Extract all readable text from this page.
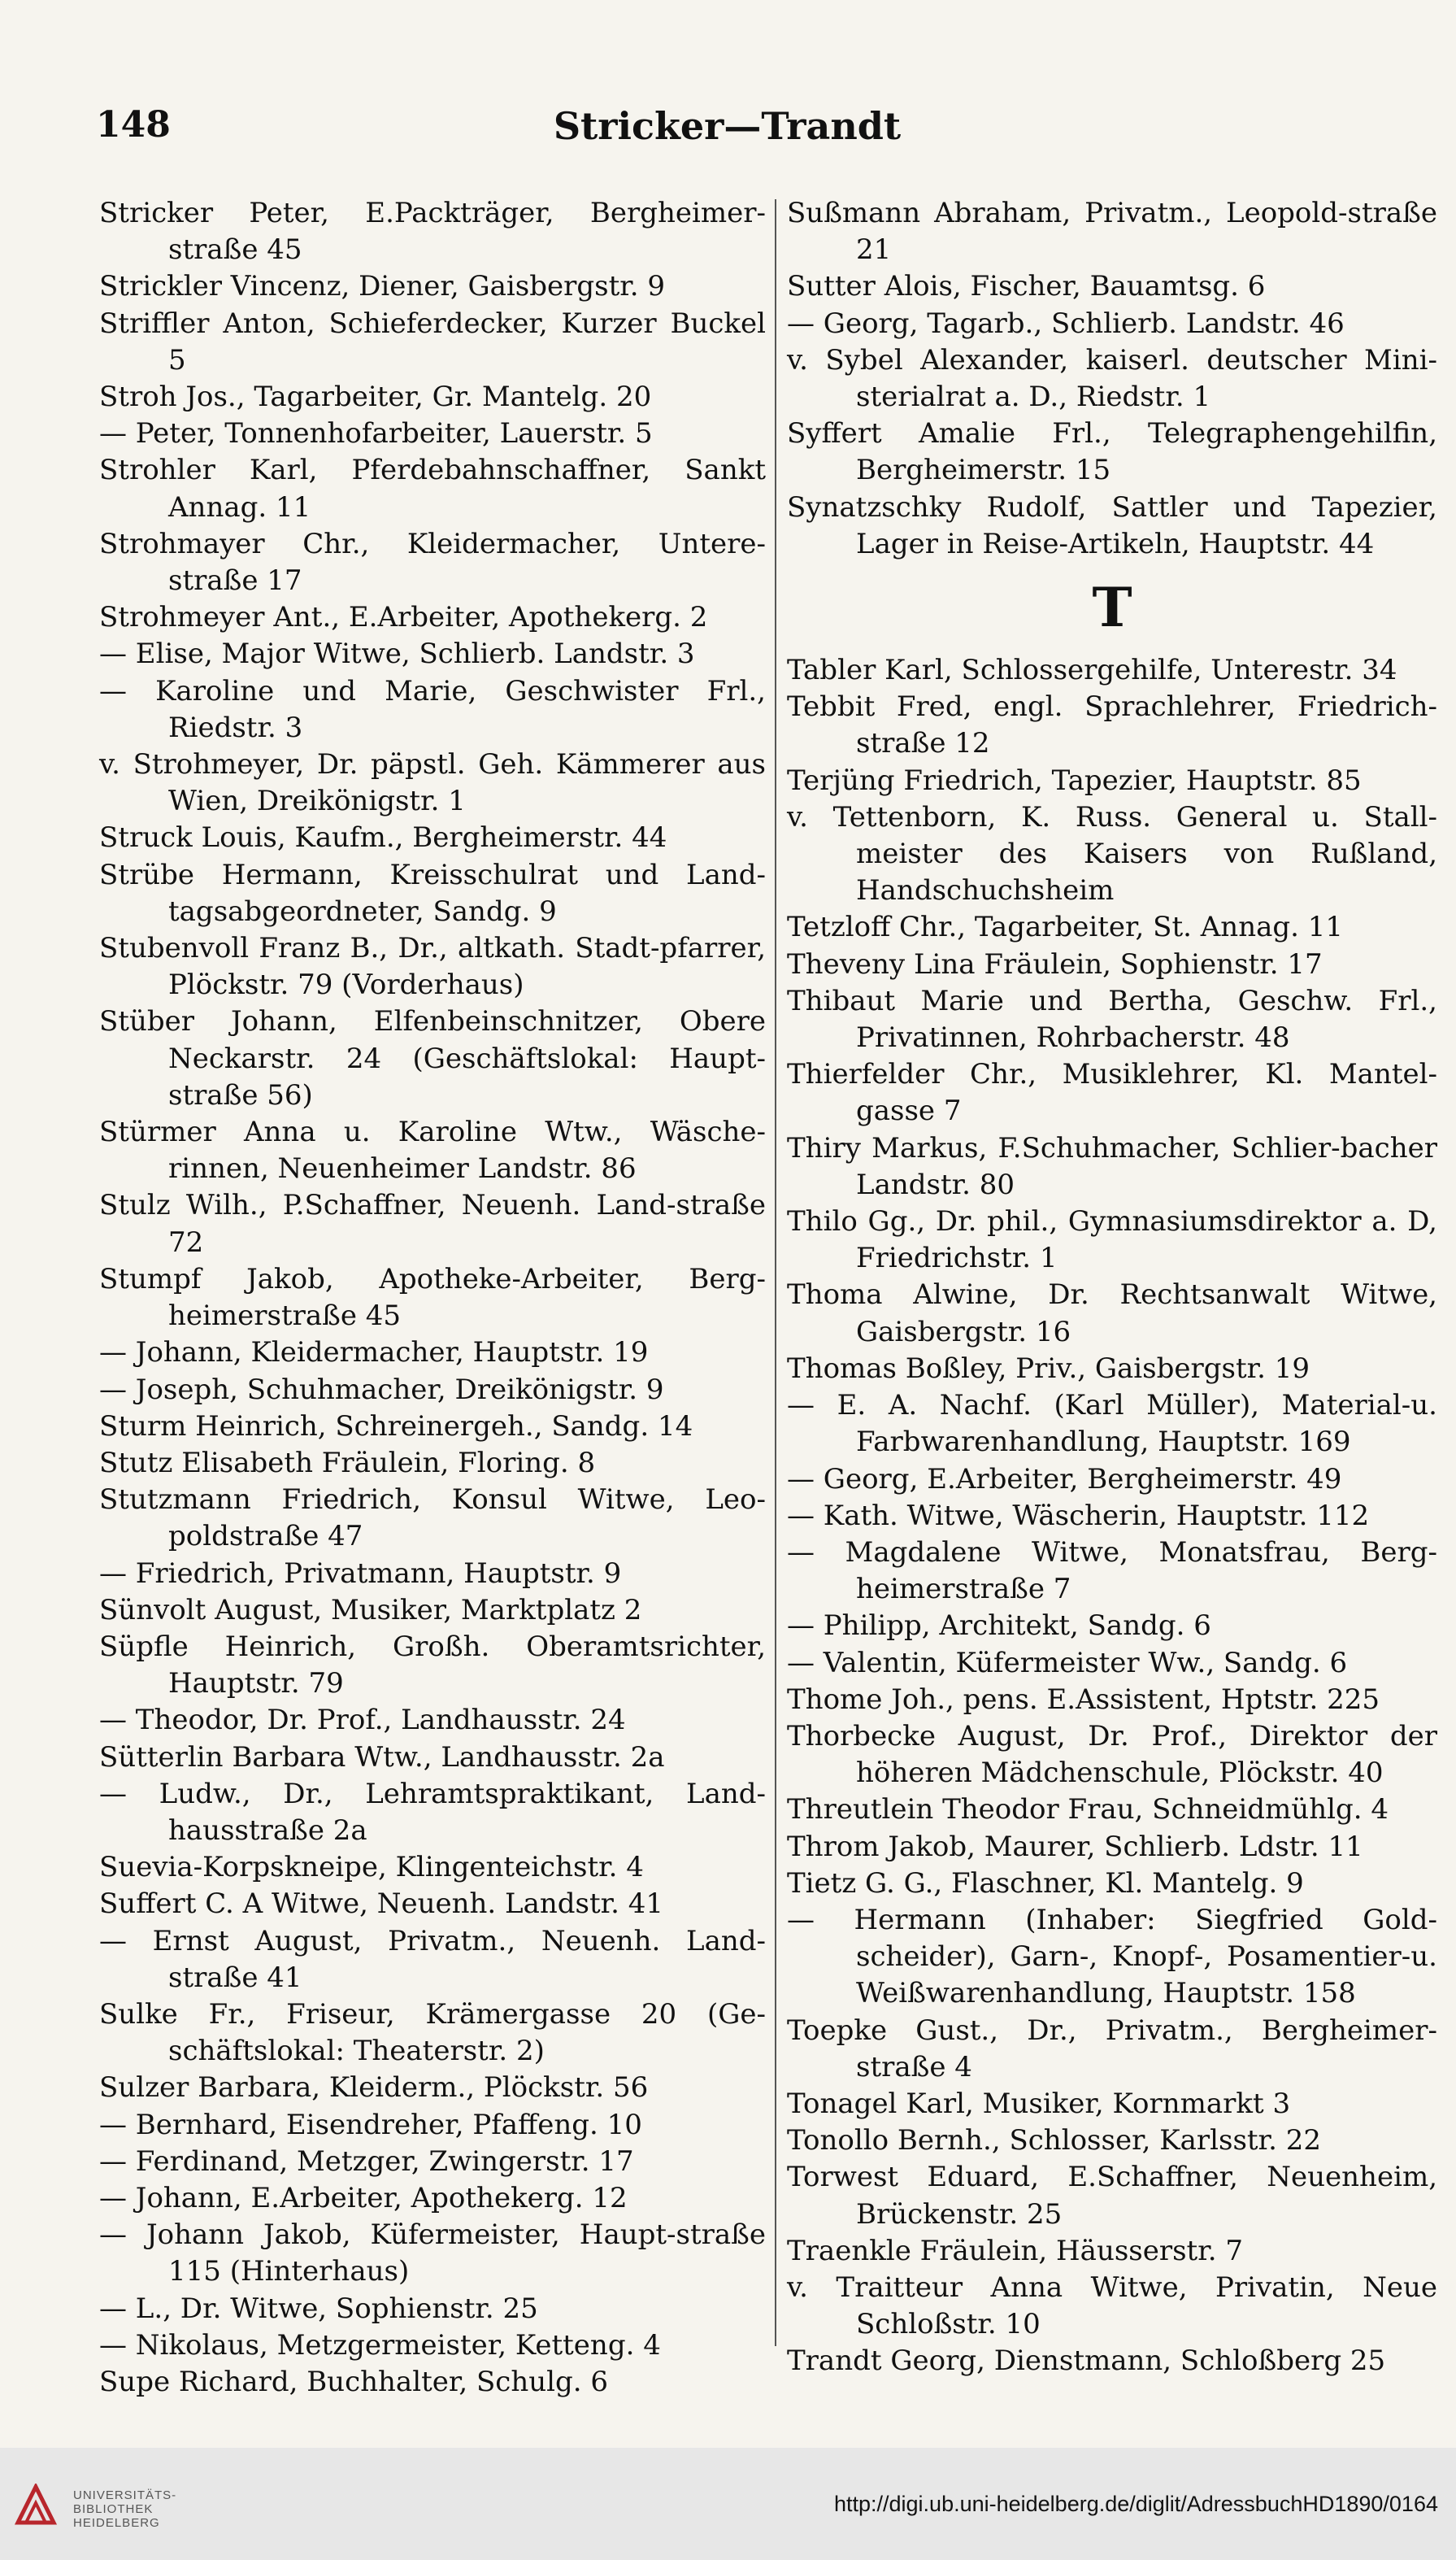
148	Stricker—Trandt

Stricker Peter, E.Packträger, Bergheimer-straße 45

Strickler Vincenz, Diener, Gaisbergstr. 9

Striffler Anton, Schieferdecker, Kurzer Buckel 5

Stroh Jos., Tagarbeiter, Gr. Mantelg. 20

— Peter, Tonnenhofarbeiter, Lauerstr. 5

Strohler Karl, Pferdebahnschaffner, Sankt Annag. 11

Strohmayer Chr., Kleidermacher, Untere-straße 17

Strohmeyer Ant., E.Arbeiter, Apothekerg. 2

— Elise, Major Witwe, Schlierb. Landstr. 3

— Karoline und Marie, Geschwister Frl., Riedstr. 3

v. Strohmeyer, Dr. päpstl. Geh. Kämmerer aus Wien, Dreikönigstr. 1

Struck Louis, Kaufm., Bergheimerstr. 44

Strübe Hermann, Kreisschulrat und Land-tagsabgeordneter, Sandg. 9

Stubenvoll Franz B., Dr., altkath. Stadt-pfarrer, Plöckstr. 79 (Vorderhaus)

Stüber Johann, Elfenbeinschnitzer, Obere Neckarstr. 24 (Geschäftslokal: Haupt-straße 56)

Stürmer Anna u. Karoline Wtw., Wäsche-rinnen, Neuenheimer Landstr. 86

Stulz Wilh., P.Schaffner, Neuenh. Land-straße 72

Stumpf Jakob, Apotheke-Arbeiter, Berg-heimerstraße 45

— Johann, Kleidermacher, Hauptstr. 19

— Joseph, Schuhmacher, Dreikönigstr. 9

Sturm Heinrich, Schreinergeh., Sandg. 14

Stutz Elisabeth Fräulein, Floring. 8

Stutzmann Friedrich, Konsul Witwe, Leo-poldstraße 47

— Friedrich, Privatmann, Hauptstr. 9

Sünvolt August, Musiker, Marktplatz 2

Süpfle Heinrich, Großh. Oberamtsrichter, Hauptstr. 79

— Theodor, Dr. Prof., Landhausstr. 24

Sütterlin Barbara Wtw., Landhausstr. 2a

— Ludw., Dr., Lehramtspraktikant, Land-hausstraße 2a

Suevia-Korpskneipe, Klingenteichstr. 4

Suffert C. A Witwe, Neuenh. Landstr. 41

— Ernst August, Privatm., Neuenh. Land-straße 41

Sulke Fr., Friseur, Krämergasse 20 (Ge-schäftslokal: Theaterstr. 2)

Sulzer Barbara, Kleiderm., Plöckstr. 56

— Bernhard, Eisendreher, Pfaffeng. 10

— Ferdinand, Metzger, Zwingerstr. 17

— Johann, E.Arbeiter, Apothekerg. 12

— Johann Jakob, Küfermeister, Haupt-straße 115 (Hinterhaus)

— L., Dr. Witwe, Sophienstr. 25

— Nikolaus, Metzgermeister, Ketteng. 4

Supe Richard, Buchhalter, Schulg. 6

Sußmann Abraham, Privatm., Leopold-straße 21

Sutter Alois, Fischer, Bauamtsg. 6

— Georg, Tagarb., Schlierb. Landstr. 46

v. Sybel Alexander, kaiserl. deutscher Mini-sterialrat a. D., Riedstr. 1

Syffert Amalie Frl., Telegraphengehilfin, Bergheimerstr. 15

Synatzschky Rudolf, Sattler und Tapezier, Lager in Reise-Artikeln, Hauptstr. 44

T

Tabler Karl, Schlossergehilfe, Unterestr. 34

Tebbit Fred, engl. Sprachlehrer, Friedrich-straße 12

Terjüng Friedrich, Tapezier, Hauptstr. 85

v. Tettenborn, K. Russ. General u. Stall-meister des Kaisers von Rußland, Handschuchsheim

Tetzloff Chr., Tagarbeiter, St. Annag. 11

Theveny Lina Fräulein, Sophienstr. 17

Thibaut Marie und Bertha, Geschw. Frl., Privatinnen, Rohrbacherstr. 48

Thierfelder Chr., Musiklehrer, Kl. Mantel-gasse 7

Thiry Markus, F.Schuhmacher, Schlier-bacher Landstr. 80

Thilo Gg., Dr. phil., Gymnasiumsdirektor a. D, Friedrichstr. 1

Thoma Alwine, Dr. Rechtsanwalt Witwe, Gaisbergstr. 16

Thomas Boßley, Priv., Gaisbergstr. 19

— E. A. Nachf. (Karl Müller), Material-u. Farbwarenhandlung, Hauptstr. 169

— Georg, E.Arbeiter, Bergheimerstr. 49

— Kath. Witwe, Wäscherin, Hauptstr. 112

— Magdalene Witwe, Monatsfrau, Berg-heimerstraße 7

— Philipp, Architekt, Sandg. 6

— Valentin, Küfermeister Ww., Sandg. 6

Thome Joh., pens. E.Assistent, Hptstr. 225

Thorbecke August, Dr. Prof., Direktor der höheren Mädchenschule, Plöckstr. 40

Threutlein Theodor Frau, Schneidmühlg. 4

Throm Jakob, Maurer, Schlierb. Ldstr. 11

Tietz G. G., Flaschner, Kl. Mantelg. 9

— Hermann (Inhaber: Siegfried Gold-scheider), Garn-, Knopf-, Posamentier-u. Weißwarenhandlung, Hauptstr. 158

Toepke Gust., Dr., Privatm., Bergheimer-straße 4

Tonagel Karl, Musiker, Kornmarkt 3

Tonollo Bernh., Schlosser, Karlsstr. 22

Torwest Eduard, E.Schaffner, Neuenheim, Brückenstr. 25

Traenkle Fräulein, Häusserstr. 7

v. Traitteur Anna Witwe, Privatin, Neue Schloßstr. 10

Trandt Georg, Dienstmann, Schloßberg 25

UNIVERSITÄTS-
BIBLIOTHEK
HEIDELBERG
http://digi.ub.uni-heidelberg.de/diglit/AdressbuchHD1890/0164
